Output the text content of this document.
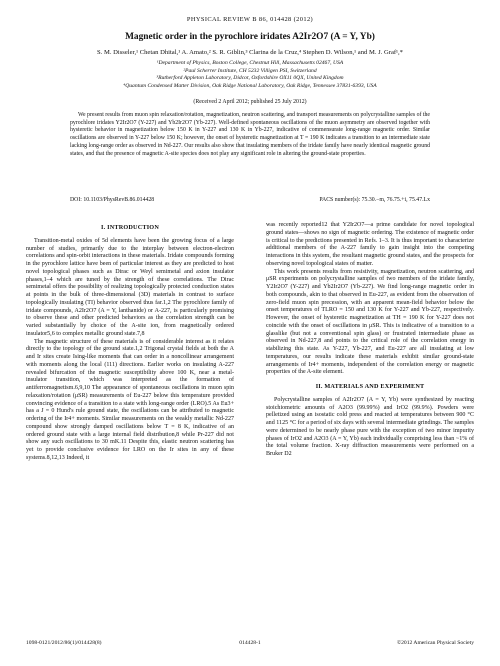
PHYSICAL REVIEW B 86, 014428 (2012)
Magnetic order in the pyrochlore iridates A2Ir2O7 (A = Y, Yb)
S. M. Disseler,¹ Chetan Dhital,¹ A. Amato,² S. R. Giblin,³ Clarina de la Cruz,⁴ Stephen D. Wilson,¹ and M. J. Graf¹,*
¹Department of Physics, Boston College, Chestnut Hill, Massachusetts 02467, USA
²Paul Scherrer Institute, CH 5232 Villigen PSI, Switzerland
³Rutherford Appleton Laboratory, Didcot, Oxfordshire OX11 0QX, United Kingdom
⁴Quantum Condensed Matter Division, Oak Ridge National Laboratory, Oak Ridge, Tennessee 37831-6393, USA
(Received 2 April 2012; published 25 July 2012)
We present results from muon spin relaxation/rotation, magnetization, neutron scattering, and transport measurements on polycrystalline samples of the pyrochlore iridates Y2Ir2O7 (Y-227) and Yb2Ir2O7 (Yb-227). Well-defined spontaneous oscillations of the muon asymmetry are observed together with hysteretic behavior in magnetization below 150 K in Y-227 and 130 K in Yb-227, indicative of commensurate long-range magnetic order. Similar oscillations are observed in Y-227 below 150 K; however, the onset of hysteretic magnetization at T = 190 K indicates a transition to an intermediate state lacking long-range order as observed in Nd-227. Our results also show that insulating members of the iridate family have nearly identical magnetic ground states, and that the presence of magnetic A-site species does not play any significant role in altering the ground-state properties.
DOI: 10.1103/PhysRevB.86.014428	PACS number(s): 75.30.−m, 76.75.+i, 75.47.Lx
I. INTRODUCTION

Transition-metal oxides of 5d elements have been the growing focus of a large number of studies, primarily due to the interplay between electron-electron correlations and spin-orbit interactions in these materials. Iridate compounds forming in the pyrochlore lattice have been of particular interest as they are predicted to host novel topological phases such as Dirac or Weyl semimetal and axion insulator phases,1–4 which are tuned by the strength of these correlations. The Dirac semimetal offers the possibility of realizing topologically protected conduction states at points in the bulk of three-dimensional (3D) materials in contrast to surface topologically insulating (TI) behavior observed thus far.1,2 The pyrochlore family of iridate compounds, A2Ir2O7 (A = Y, lanthanide) or A-227, is particularly promising to observe these and other predicted behaviors as the correlation strength can be varied substantially by choice of the A-site ion, from magnetically ordered insulator5,6 to complex metallic ground state.7,8

The magnetic structure of these materials is of considerable interest as it relates directly to the topology of the ground state.1,2 Trigonal crystal fields at both the A and Ir sites create Ising-like moments that can order in a noncollinear arrangement with moments along the local (111) directions. Earlier works on insulating A-227 revealed bifurcation of the magnetic susceptibility above 100 K, near a metal-insulator transition, which was interpreted as the formation of antiferromagnetism.6,9,10 The appearance of spontaneous oscillations in muon spin relaxation/rotation (μSR) measurements of Eu-227 below this temperature provided convincing evidence of a transition to a state with long-range order (LRO).5 As Eu3+ has a J = 0 Hund's rule ground state, the oscillations can be attributed to magnetic ordering of the Ir4+ moments. Similar measurements on the weakly metallic Nd-227 compound show strongly damped oscillations below T = 8 K, indicative of an ordered ground state with a large internal field distribution,8 while Pr-227 did not show any such oscillations to 30 mK.11 Despite this, elastic neutron scattering has yet to provide conclusive evidence for LRO on the Ir sites in any of these systems.8,12,13 Indeed, it

was recently reported12 that Y2Ir2O7—a prime candidate for novel topological ground states—shows no sign of magnetic ordering. The existence of magnetic order is critical to the predictions presented in Refs. 1–3. It is thus important to characterize additional members of the A-227 family to gain insight into the competing interactions in this system, the resultant magnetic ground states, and the prospects for observing novel topological states of matter.

This work presents results from resistivity, magnetization, neutron scattering, and μSR experiments on polycrystalline samples of two members of the iridate family, Y2Ir2O7 (Y-227) and Yb2Ir2O7 (Yb-227). We find long-range magnetic order in both compounds, akin to that observed in Eu-227, as evident from the observation of zero-field muon spin precession, with an apparent mean-field behavior below the onset temperatures of TLRO = 150 and 130 K for Y-227 and Yb-227, respectively. However, the onset of hysteretic magnetization at TH = 190 K for Y-227 does not coincide with the onset of oscillations in μSR. This is indicative of a transition to a glasslike (but not a conventional spin glass) or frustrated intermediate phase as observed in Nd-227,8 and points to the critical role of the correlation energy in stabilizing this state. As Y-227, Yb-227, and Eu-227 are all insulating at low temperatures, our results indicate these materials exhibit similar ground-state arrangements of Ir4+ moments, independent of the correlation energy or magnetic properties of the A-site element.

II. MATERIALS AND EXPERIMENT

Polycrystalline samples of A2Ir2O7 (A = Y, Yb) were synthesized by reacting stoichiometric amounts of A2O3 (99.99%) and IrO2 (99.9%). Powders were pelletized using an isostatic cold press and reacted at temperatures between 900 °C and 1125 °C for a period of six days with several intermediate grindings. The samples were determined to be nearly phase pure with the exception of two minor impurity phases of IrO2 and A2O3 (A = Y, Yb) each individually comprising less than ~1% of the total volume fraction. X-ray diffraction measurements were performed on a Bruker D2

1098-0121/2012/86(1)/014428(8)	014428-1	©2012 American Physical Society
